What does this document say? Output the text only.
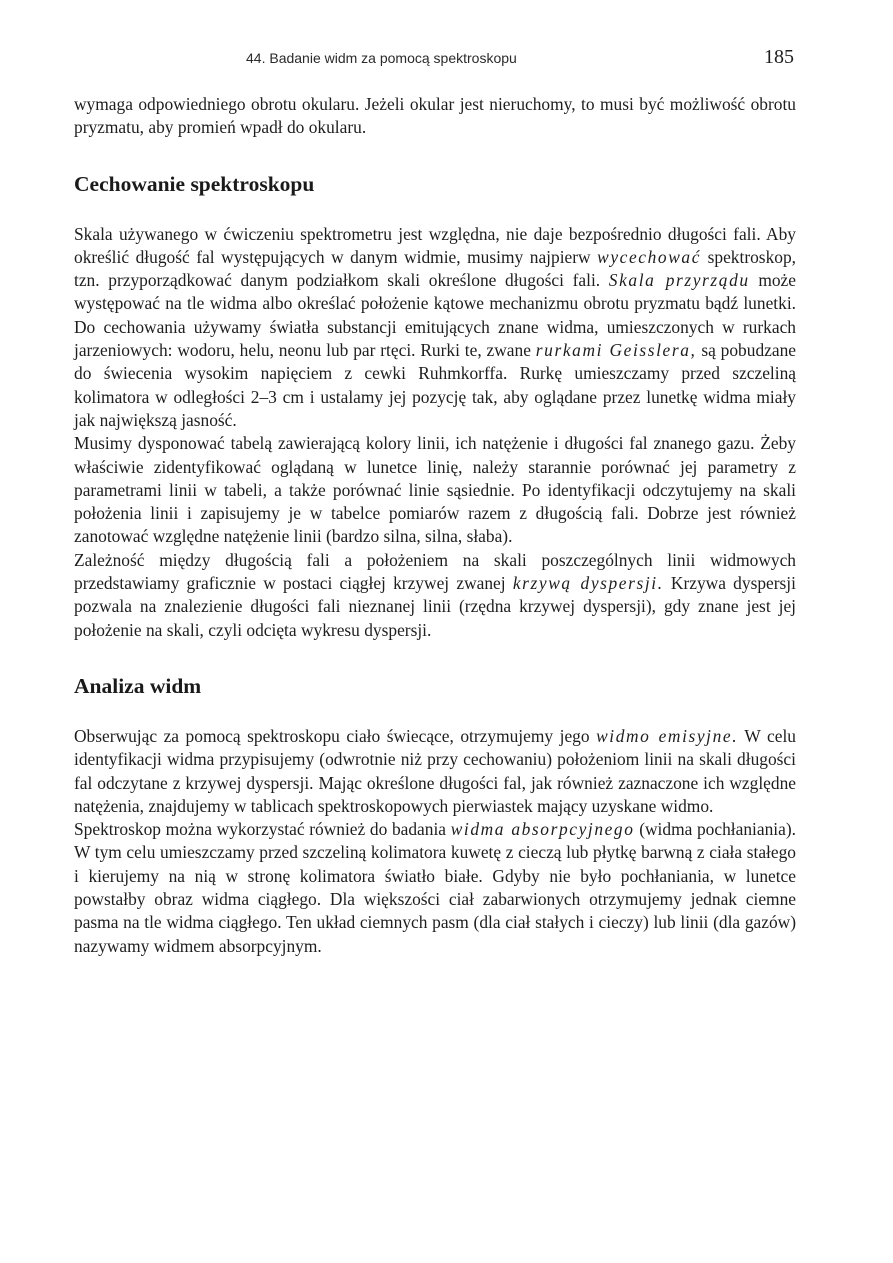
44. Badanie widm za pomocą spektroskopu	185

wymaga odpowiedniego obrotu okularu. Jeżeli okular jest nieruchomy, to musi być możliwość obrotu pryzmatu, aby promień wpadł do okularu.

Cechowanie spektroskopu

Skala używanego w ćwiczeniu spektrometru jest względna, nie daje bezpośrednio długości fali. Aby określić długość fal występujących w danym widmie, musimy najpierw wycechować spektroskop, tzn. przyporządkować danym podziałkom skali określone długości fali. Skala przyrządu może występować na tle widma albo określać położenie kątowe mechanizmu obrotu pryzmatu bądź lunetki. Do cechowania używamy światła substancji emitujących znane widma, umieszczonych w rurkach jarzeniowych: wodoru, helu, neonu lub par rtęci. Rurki te, zwane rurkami Geisslera, są pobudzane do świecenia wysokim napięciem z cewki Ruhmkorffa. Rurkę umieszczamy przed szczeliną kolimatora w odległości 2–3 cm i ustalamy jej pozycję tak, aby oglądane przez lunetkę widma miały jak największą jasność.

Musimy dysponować tabelą zawierającą kolory linii, ich natężenie i długości fal znanego gazu. Żeby właściwie zidentyfikować oglądaną w lunetce linię, należy starannie porównać jej parametry z parametrami linii w tabeli, a także porównać linie sąsiednie. Po identyfikacji odczytujemy na skali położenia linii i zapisujemy je w tabelce pomiarów razem z długością fali. Dobrze jest również zanotować względne natężenie linii (bardzo silna, silna, słaba).

Zależność między długością fali a położeniem na skali poszczególnych linii widmowych przedstawiamy graficznie w postaci ciągłej krzywej zwanej krzywą dyspersji. Krzywa dyspersji pozwala na znalezienie długości fali nieznanej linii (rzędna krzywej dyspersji), gdy znane jest jej położenie na skali, czyli odcięta wykresu dyspersji.

Analiza widm

Obserwując za pomocą spektroskopu ciało świecące, otrzymujemy jego widmo emisyjne. W celu identyfikacji widma przypisujemy (odwrotnie niż przy cechowaniu) położeniom linii na skali długości fal odczytane z krzywej dyspersji. Mając określone długości fal, jak również zaznaczone ich względne natężenia, znajdujemy w tablicach spektroskopowych pierwiastek mający uzyskane widmo.

Spektroskop można wykorzystać również do badania widma absorpcyjnego (widma pochłaniania). W tym celu umieszczamy przed szczeliną kolimatora kuwetę z cieczą lub płytkę barwną z ciała stałego i kierujemy na nią w stronę kolimatora światło białe. Gdyby nie było pochłaniania, w lunetce powstałby obraz widma ciągłego. Dla większości ciał zabarwionych otrzymujemy jednak ciemne pasma na tle widma ciągłego. Ten układ ciemnych pasm (dla ciał stałych i cieczy) lub linii (dla gazów) nazywamy widmem absorpcyjnym.
